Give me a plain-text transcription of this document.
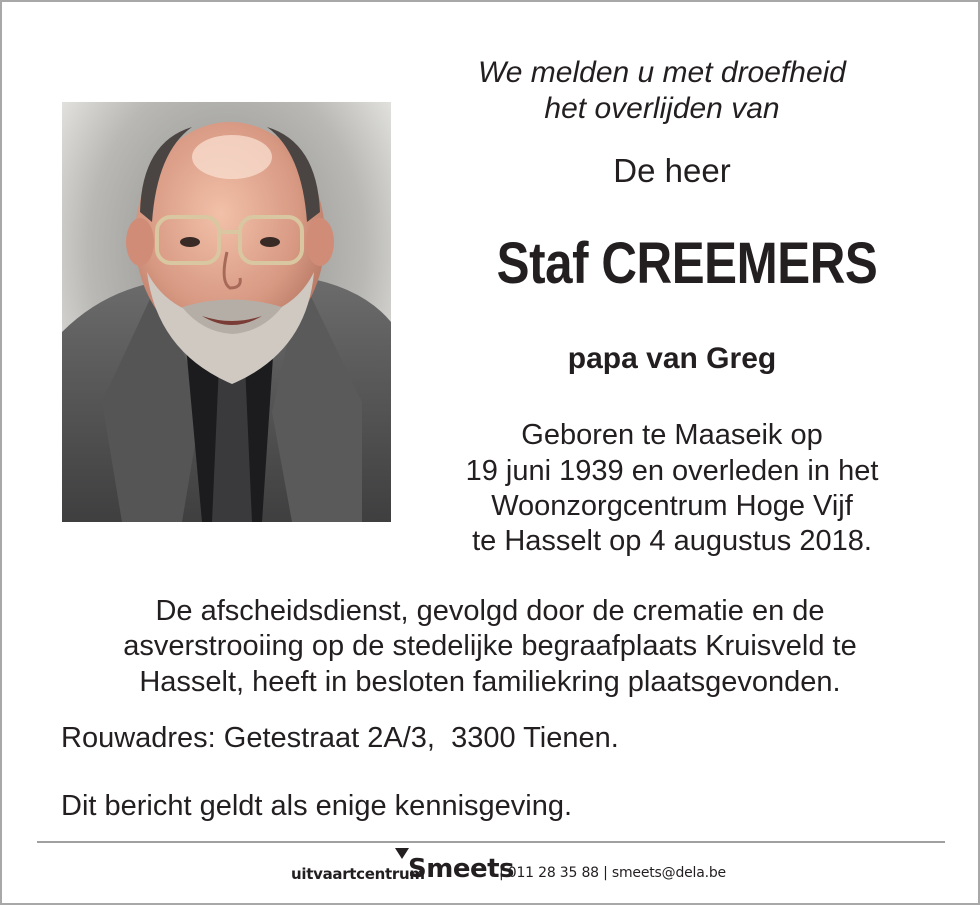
We melden u met droefheid
het overlijden van
De heer
Staf CREEMERS
papa van Greg
Geboren te Maaseik op
19 juni 1939 en overleden in het
Woonzorgcentrum Hoge Vijf
te Hasselt op 4 augustus 2018.
De afscheidsdienst, gevolgd door de crematie en de
asverstrooiing op de stedelijke begraafplaats Kruisveld te
Hasselt, heeft in besloten familiekring plaatsgevonden.
Rouwadres: Getestraat 2A/3,  3300 Tienen.
Dit bericht geldt als enige kennisgeving.
uitvaartcentrum
Smeets
| 011 28 35 88 | smeets@dela.be
